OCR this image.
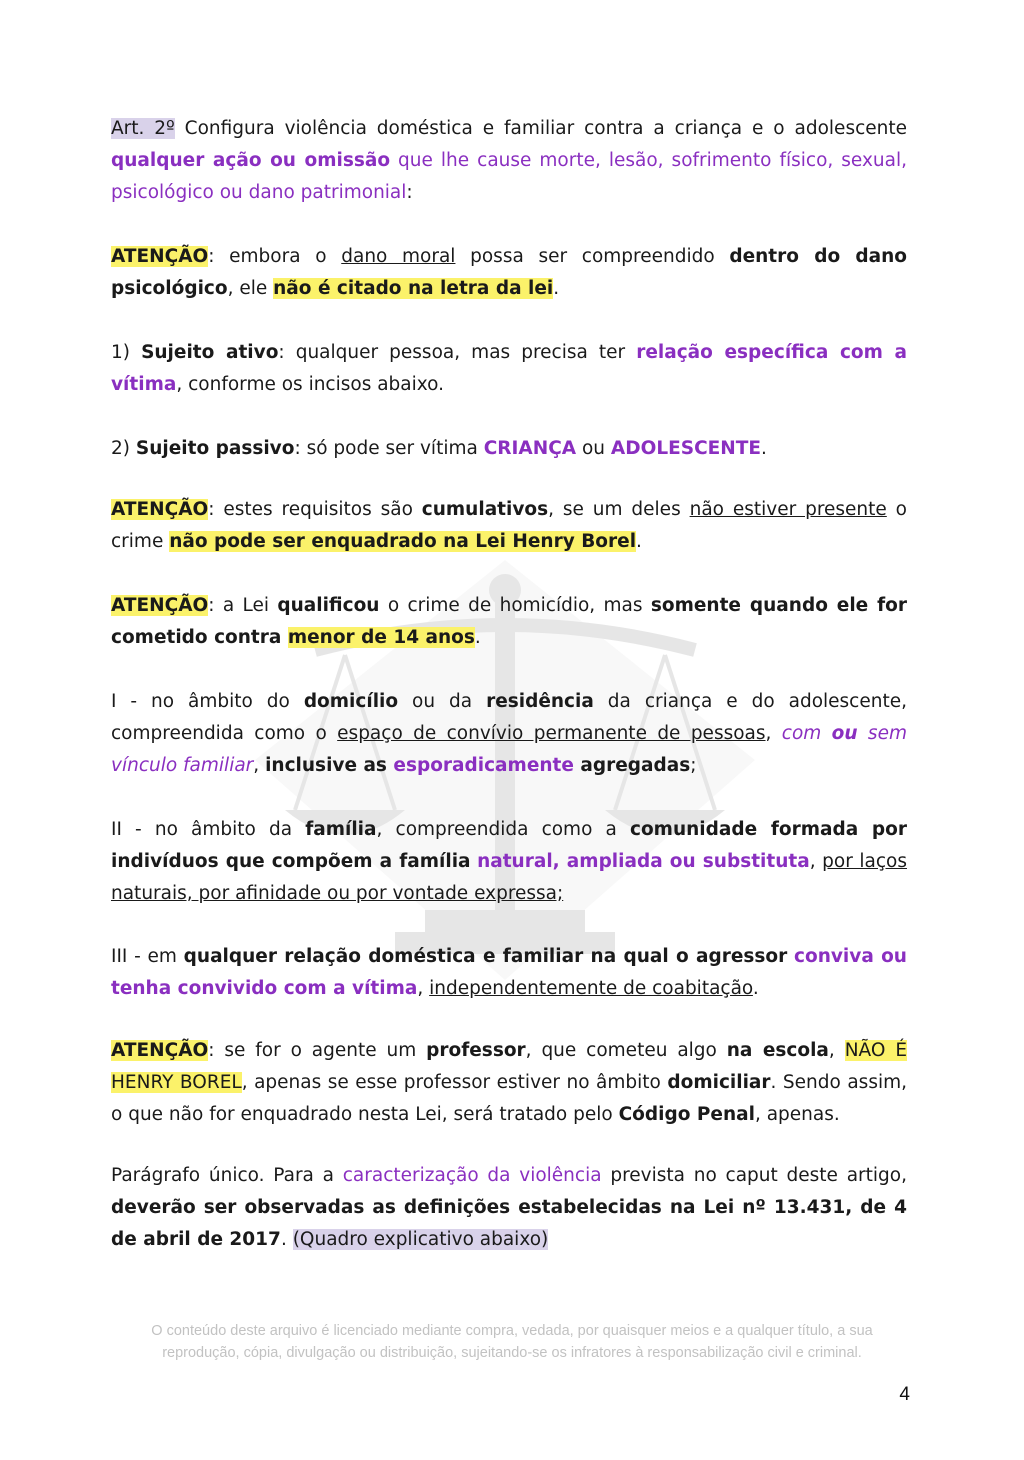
Art. 2º Configura violência doméstica e familiar contra a criança e o adolescente qualquer ação ou omissão que lhe cause morte, lesão, sofrimento físico, sexual, psicológico ou dano patrimonial:

ATENÇÃO: embora o dano moral possa ser compreendido dentro do dano psicológico, ele não é citado na letra da lei.

1) Sujeito ativo: qualquer pessoa, mas precisa ter relação específica com a vítima, conforme os incisos abaixo.

2) Sujeito passivo: só pode ser vítima CRIANÇA ou ADOLESCENTE.

ATENÇÃO: estes requisitos são cumulativos, se um deles não estiver presente o crime não pode ser enquadrado na Lei Henry Borel.

ATENÇÃO: a Lei qualificou o crime de homicídio, mas somente quando ele for cometido contra menor de 14 anos.

I - no âmbito do domicílio ou da residência da criança e do adolescente, compreendida como o espaço de convívio permanente de pessoas, com ou sem vínculo familiar, inclusive as esporadicamente agregadas;

II - no âmbito da família, compreendida como a comunidade formada por indivíduos que compõem a família natural, ampliada ou substituta, por laços naturais, por afinidade ou por vontade expressa;

III - em qualquer relação doméstica e familiar na qual o agressor conviva ou tenha convivido com a vítima, independentemente de coabitação.

ATENÇÃO: se for o agente um professor, que cometeu algo na escola, NÃO É HENRY BOREL, apenas se esse professor estiver no âmbito domiciliar. Sendo assim, o que não for enquadrado nesta Lei, será tratado pelo Código Penal, apenas.

Parágrafo único. Para a caracterização da violência prevista no caput deste artigo, deverão ser observadas as definições estabelecidas na Lei nº 13.431, de 4 de abril de 2017. (Quadro explicativo abaixo)

O conteúdo deste arquivo é licenciado mediante compra, vedada, por quaisquer meios e a qualquer título, a sua
reprodução, cópia, divulgação ou distribuição, sujeitando-se os infratores à responsabilização civil e criminal.
4
